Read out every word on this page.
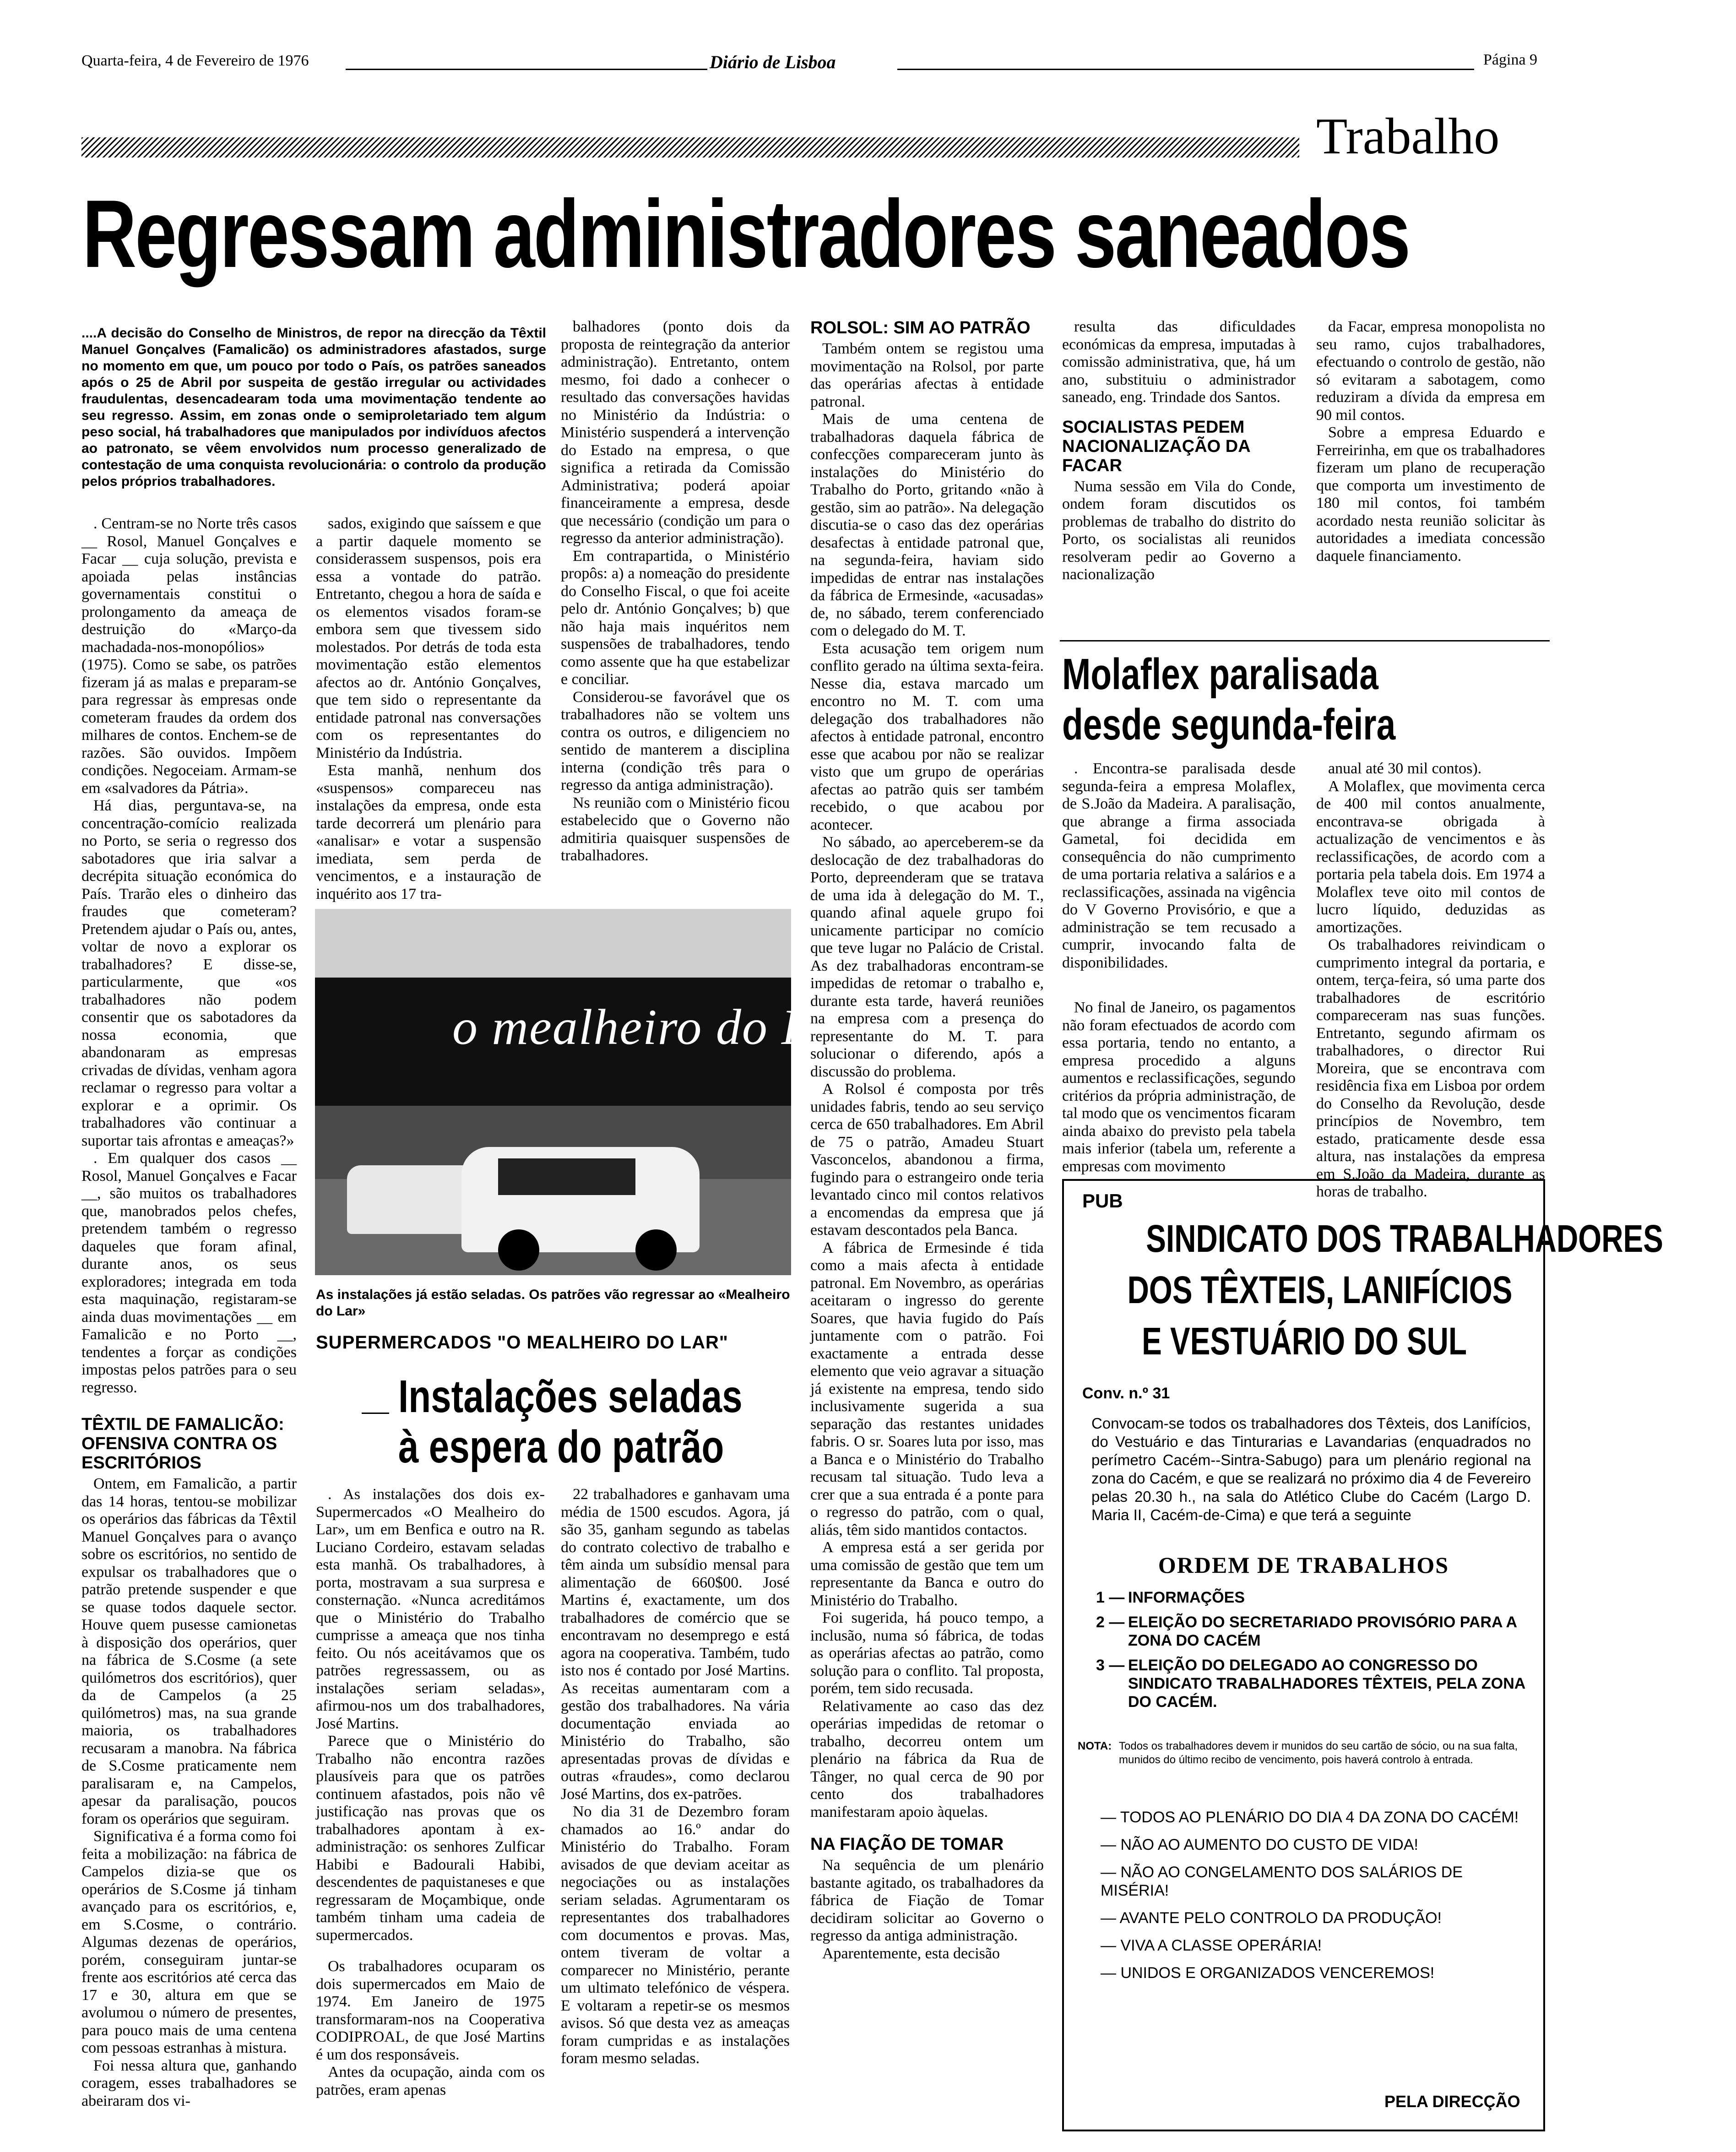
Quarta-feira, 4 de Fevereiro de 1976	Diário de Lisboa	Página 9
Trabalho
Regressam administradores saneados
....A decisão do Conselho de Ministros, de repor na direcção da Têxtil Manuel Gonçalves (Famalicão) os administradores afastados, surge no momento em que, um pouco por todo o País, os patrões saneados após o 25 de Abril por suspeita de gestão irregular ou actividades fraudulentas, desencadearam toda uma movimentação tendente ao seu regresso. Assim, em zonas onde o semiproletariado tem algum peso social, há trabalhadores que manipulados por indivíduos afectos ao patronato, se vêem envolvidos num processo generalizado de contestação de uma conquista revolucionária: o controlo da produção pelos próprios trabalhadores.

. Centram-se no Norte três casos __ Rosol, Manuel Gonçalves e Facar __ cuja solução, prevista e apoiada pelas instâncias governamentais constitui o prolongamento da ameaça de destruição do «Março-da machadada-nos-monopólios» (1975). Como se sabe, os patrões fizeram já as malas e preparam-se para regressar às empresas onde cometeram fraudes da ordem dos milhares de contos. Enchem-se de razões. São ouvidos. Impõem condições. Negoceiam. Armam-se em «salvadores da Pátria».

Há dias, perguntava-se, na concentração-comício realizada no Porto, se seria o regresso dos sabotadores que iria salvar a decrépita situação económica do País. Trarão eles o dinheiro das fraudes que cometeram? Pretendem ajudar o País ou, antes, voltar de novo a explorar os trabalhadores? E disse-se, particularmente, que «os trabalhadores não podem consentir que os sabotadores da nossa economia, que abandonaram as empresas crivadas de dívidas, venham agora reclamar o regresso para voltar a explorar e a oprimir. Os trabalhadores vão continuar a suportar tais afrontas e ameaças?»

. Em qualquer dos casos __ Rosol, Manuel Gonçalves e Facar __, são muitos os trabalhadores que, manobrados pelos chefes, pretendem também o regresso daqueles que foram afinal, durante anos, os seus exploradores; integrada em toda esta maquinação, registaram-se ainda duas movimentações __ em Famalicão e no Porto __, tendentes a forçar as condições impostas pelos patrões para o seu regresso.

TÊXTIL DE FAMALICÃO: OFENSIVA CONTRA OS ESCRITÓRIOS

Ontem, em Famalicão, a partir das 14 horas, tentou-se mobilizar os operários das fábricas da Têxtil Manuel Gonçalves para o avanço sobre os escritórios, no sentido de expulsar os trabalhadores que o patrão pretende suspender e que se quase todos daquele sector. Houve quem pusesse camionetas à disposição dos operários, quer na fábrica de S.Cosme (a sete quilómetros dos escritórios), quer da de Campelos (a 25 quilómetros) mas, na sua grande maioria, os trabalhadores recusaram a manobra. Na fábrica de S.Cosme praticamente nem paralisaram e, na Campelos, apesar da paralisação, poucos foram os operários que seguiram.

Significativa é a forma como foi feita a mobilização: na fábrica de Campelos dizia-se que os operários de S.Cosme já tinham avançado para os escritórios, e, em S.Cosme, o contrário. Algumas dezenas de operários, porém, conseguiram juntar-se frente aos escritórios até cerca das 17 e 30, altura em que se avolumou o número de presentes, para pouco mais de uma centena com pessoas estranhas à mistura.

Foi nessa altura que, ganhando coragem, esses trabalhadores se abeiraram dos vi-

sados, exigindo que saíssem e que a partir daquele momento se considerassem suspensos, pois era essa a vontade do patrão. Entretanto, chegou a hora de saída e os elementos visados foram-se embora sem que tivessem sido molestados. Por detrás de toda esta movimentação estão elementos afectos ao dr. António Gonçalves, que tem sido o representante da entidade patronal nas conversações com os representantes do Ministério da Indústria.

Esta manhã, nenhum dos «suspensos» compareceu nas instalações da empresa, onde esta tarde decorrerá um plenário para «analisar» e votar a suspensão imediata, sem perda de vencimentos, e a instauração de inquérito aos 17 tra-

balhadores (ponto dois da proposta de reintegração da anterior administração). Entretanto, ontem mesmo, foi dado a conhecer o resultado das conversações havidas no Ministério da Indústria: o Ministério suspenderá a intervenção do Estado na empresa, o que significa a retirada da Comissão Administrativa; poderá apoiar financeiramente a empresa, desde que necessário (condição um para o regresso da anterior administração).

Em contrapartida, o Ministério propôs: a) a nomeação do presidente do Conselho Fiscal, o que foi aceite pelo dr. António Gonçalves; b) que não haja mais inquéritos nem suspensões de trabalhadores, tendo como assente que ha que estabelizar e conciliar.

Considerou-se favorável que os trabalhadores não se voltem uns contra os outros, e diligenciem no sentido de manterem a disciplina interna (condição três para o regresso da antiga administração).

Ns reunião com o Ministério ficou estabelecido que o Governo não admitiria quaisquer suspensões de trabalhadores.

o mealheiro do Lar
As instalações já estão seladas. Os patrões vão regressar ao «Mealheiro do Lar»
SUPERMERCADOS "O MEALHEIRO DO LAR"
Instalações seladas
à espera do patrão

. As instalações dos dois ex-Supermercados «O Mealheiro do Lar», um em Benfica e outro na R. Luciano Cordeiro, estavam seladas esta manhã. Os trabalhadores, à porta, mostravam a sua surpresa e consternação. «Nunca acreditámos que o Ministério do Trabalho cumprisse a ameaça que nos tinha feito. Ou nós aceitávamos que os patrões regressassem, ou as instalações seriam seladas», afirmou-nos um dos trabalhadores, José Martins.

Parece que o Ministério do Trabalho não encontra razões plausíveis para que os patrões continuem afastados, pois não vê justificação nas provas que os trabalhadores apontam à ex-administração: os senhores Zulficar Habibi e Badourali Habibi, descendentes de paquistaneses e que regressaram de Moçambique, onde também tinham uma cadeia de supermercados.

Os trabalhadores ocuparam os dois supermercados em Maio de 1974. Em Janeiro de 1975 transformaram-nos na Cooperativa CODIPROAL, de que José Martins é um dos responsáveis.

Antes da ocupação, ainda com os patrões, eram apenas

22 trabalhadores e ganhavam uma média de 1500 escudos. Agora, já são 35, ganham segundo as tabelas do contrato colectivo de trabalho e têm ainda um subsídio mensal para alimentação de 660$00. José Martins é, exactamente, um dos trabalhadores de comércio que se encontravam no desemprego e está agora na cooperativa. Também, tudo isto nos é contado por José Martins. As receitas aumentaram com a gestão dos trabalhadores. Na vária documentação enviada ao Ministério do Trabalho, são apresentadas provas de dívidas e outras «fraudes», como declarou José Martins, dos ex-patrões.

No dia 31 de Dezembro foram chamados ao 16.º andar do Ministério do Trabalho. Foram avisados de que deviam aceitar as negociações ou as instalações seriam seladas. Agrumentaram os representantes dos trabalhadores com documentos e provas. Mas, ontem tiveram de voltar a comparecer no Ministério, perante um ultimato telefónico de véspera. E voltaram a repetir-se os mesmos avisos. Só que desta vez as ameaças foram cumpridas e as instalações foram mesmo seladas.

ROLSOL: SIM AO PATRÃO

Também ontem se registou uma movimentação na Rolsol, por parte das operárias afectas à entidade patronal.

Mais de uma centena de trabalhadoras daquela fábrica de confecções compareceram junto às instalações do Ministério do Trabalho do Porto, gritando «não à gestão, sim ao patrão». Na delegação discutia-se o caso das dez operárias desafectas à entidade patronal que, na segunda-feira, haviam sido impedidas de entrar nas instalações da fábrica de Ermesinde, «acusadas» de, no sábado, terem conferenciado com o delegado do M. T.

Esta acusação tem origem num conflito gerado na última sexta-feira. Nesse dia, estava marcado um encontro no M. T. com uma delegação dos trabalhadores não afectos à entidade patronal, encontro esse que acabou por não se realizar visto que um grupo de operárias afectas ao patrão quis ser também recebido, o que acabou por acontecer.

No sábado, ao aperceberem-se da deslocação de dez trabalhadoras do Porto, depreenderam que se tratava de uma ida à delegação do M. T., quando afinal aquele grupo foi unicamente participar no comício que teve lugar no Palácio de Cristal. As dez trabalhadoras encontram-se impedidas de retomar o trabalho e, durante esta tarde, haverá reuniões na empresa com a presença do representante do M. T. para solucionar o diferendo, após a discussão do problema.

A Rolsol é composta por três unidades fabris, tendo ao seu serviço cerca de 650 trabalhadores. Em Abril de 75 o patrão, Amadeu Stuart Vasconcelos, abandonou a firma, fugindo para o estrangeiro onde teria levantado cinco mil contos relativos a encomendas da empresa que já estavam descontados pela Banca.

A fábrica de Ermesinde é tida como a mais afecta à entidade patronal. Em Novembro, as operárias aceitaram o ingresso do gerente Soares, que havia fugido do País juntamente com o patrão. Foi exactamente a entrada desse elemento que veio agravar a situação já existente na empresa, tendo sido inclusivamente sugerida a sua separação das restantes unidades fabris. O sr. Soares luta por isso, mas a Banca e o Ministério do Trabalho recusam tal situação. Tudo leva a crer que a sua entrada é a ponte para o regresso do patrão, com o qual, aliás, têm sido mantidos contactos.

A empresa está a ser gerida por uma comissão de gestão que tem um representante da Banca e outro do Ministério do Trabalho.

Foi sugerida, há pouco tempo, a inclusão, numa só fábrica, de todas as operárias afectas ao patrão, como solução para o conflito. Tal proposta, porém, tem sido recusada.

Relativamente ao caso das dez operárias impedidas de retomar o trabalho, decorreu ontem um plenário na fábrica da Rua de Tânger, no qual cerca de 90 por cento dos trabalhadores manifestaram apoio àquelas.

NA FIAÇÃO DE TOMAR

Na sequência de um plenário bastante agitado, os trabalhadores da fábrica de Fiação de Tomar decidiram solicitar ao Governo o regresso da antiga administração.

Aparentemente, esta decisão

resulta das dificuldades económicas da empresa, imputadas à comissão administrativa, que, há um ano, substituiu o administrador saneado, eng. Trindade dos Santos.

SOCIALISTAS PEDEM NACIONALIZAÇÃO DA FACAR

Numa sessão em Vila do Conde, ondem foram discutidos os problemas de trabalho do distrito do Porto, os socialistas ali reunidos resolveram pedir ao Governo a nacionalização

da Facar, empresa monopolista no seu ramo, cujos trabalhadores, efectuando o controlo de gestão, não só evitaram a sabotagem, como reduziram a dívida da empresa em 90 mil contos.

Sobre a empresa Eduardo e Ferreirinha, em que os trabalhadores fizeram um plano de recuperação que comporta um investimento de 180 mil contos, foi também acordado nesta reunião solicitar às autoridades a imediata concessão daquele financiamento.

Molaflex paralisada
desde segunda-feira

. Encontra-se paralisada desde segunda-feira a empresa Molaflex, de S.João da Madeira. A paralisação, que abrange a firma associada Gametal, foi decidida em consequência do não cumprimento de uma portaria relativa a salários e a reclassificações, assinada na vigência do V Governo Provisório, e que a administração se tem recusado a cumprir, invocando falta de disponibilidades.

No final de Janeiro, os pagamentos não foram efectuados de acordo com essa portaria, tendo no entanto, a empresa procedido a alguns aumentos e reclassificações, segundo critérios da própria administração, de tal modo que os vencimentos ficaram ainda abaixo do previsto pela tabela mais inferior (tabela um, referente a empresas com movimento

anual até 30 mil contos).

A Molaflex, que movimenta cerca de 400 mil contos anualmente, encontrava-se obrigada à actualização de vencimentos e às reclassificações, de acordo com a portaria pela tabela dois. Em 1974 a Molaflex teve oito mil contos de lucro líquido, deduzidas as amortizações.

Os trabalhadores reivindicam o cumprimento integral da portaria, e ontem, terça-feira, só uma parte dos trabalhadores de escritório compareceram nas suas funções. Entretanto, segundo afirmam os trabalhadores, o director Rui Moreira, que se encontrava com residência fixa em Lisboa por ordem do Conselho da Revolução, desde princípios de Novembro, tem estado, praticamente desde essa altura, nas instalações da empresa em S.João da Madeira, durante as horas de trabalho.

PUB
SINDICATO DOS TRABALHADORES
DOS TÊXTEIS, LANIFÍCIOS
E VESTUÁRIO DO SUL
Conv. n.º 31
Convocam-se todos os trabalhadores dos Têxteis, dos Lanifícios, do Vestuário e das Tinturarias e Lavandarias (enquadrados no perímetro Cacém--Sintra-Sabugo) para um plenário regional na zona do Cacém, e que se realizará no próximo dia 4 de Fevereiro pelas 20.30 h., na sala do Atlético Clube do Cacém (Largo D. Maria II, Cacém-de-Cima) e que terá a seguinte
ORDEM DE TRABALHOS
1 — INFORMAÇÕES
2 — ELEIÇÃO DO SECRETARIADO PROVISÓRIO PARA A ZONA DO CACÉM
3 — ELEIÇÃO DO DELEGADO AO CONGRESSO DO SINDICATO TRABALHADORES TÊXTEIS, PELA ZONA DO CACÉM.
NOTA: Todos os trabalhadores devem ir munidos do seu cartão de sócio, ou na sua falta, munidos do último recibo de vencimento, pois haverá controlo à entrada.
— TODOS AO PLENÁRIO DO DIA 4 DA ZONA DO CACÉM!
— NÃO AO AUMENTO DO CUSTO DE VIDA!
— NÃO AO CONGELAMENTO DOS SALÁRIOS DE MISÉRIA!
— AVANTE PELO CONTROLO DA PRODUÇÃO!
— VIVA A CLASSE OPERÁRIA!
— UNIDOS E ORGANIZADOS VENCEREMOS!
PELA DIRECÇÃO
